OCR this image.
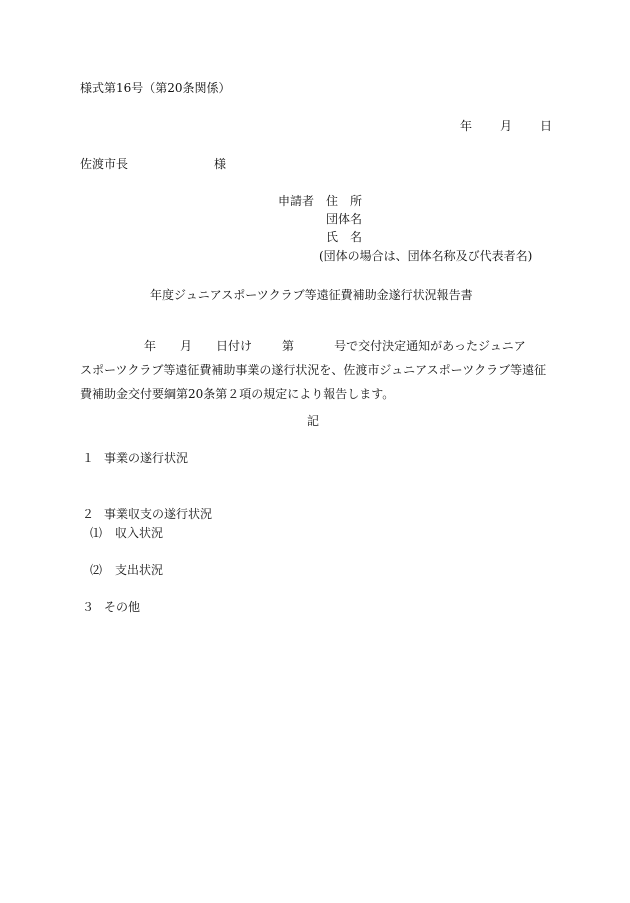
様式第16号（第20条関係）
年 月 日
佐渡市長	様
申請者 住　所
団体名
氏　名
(団体の場合は、団体名称及び代表者名)
年度ジュニアスポーツクラブ等遠征費補助金遂行状況報告書
年 月 日付け	第	号で交付決定通知があったジュニア
スポーツクラブ等遠征費補助事業の遂行状況を、佐渡市ジュニアスポーツクラブ等遠征
費補助金交付要綱第20条第２項の規定により報告します。
記
１ 事業の遂行状況
２ 事業収支の遂行状況
⑴ 収入状況
⑵ 支出状況
３ その他
